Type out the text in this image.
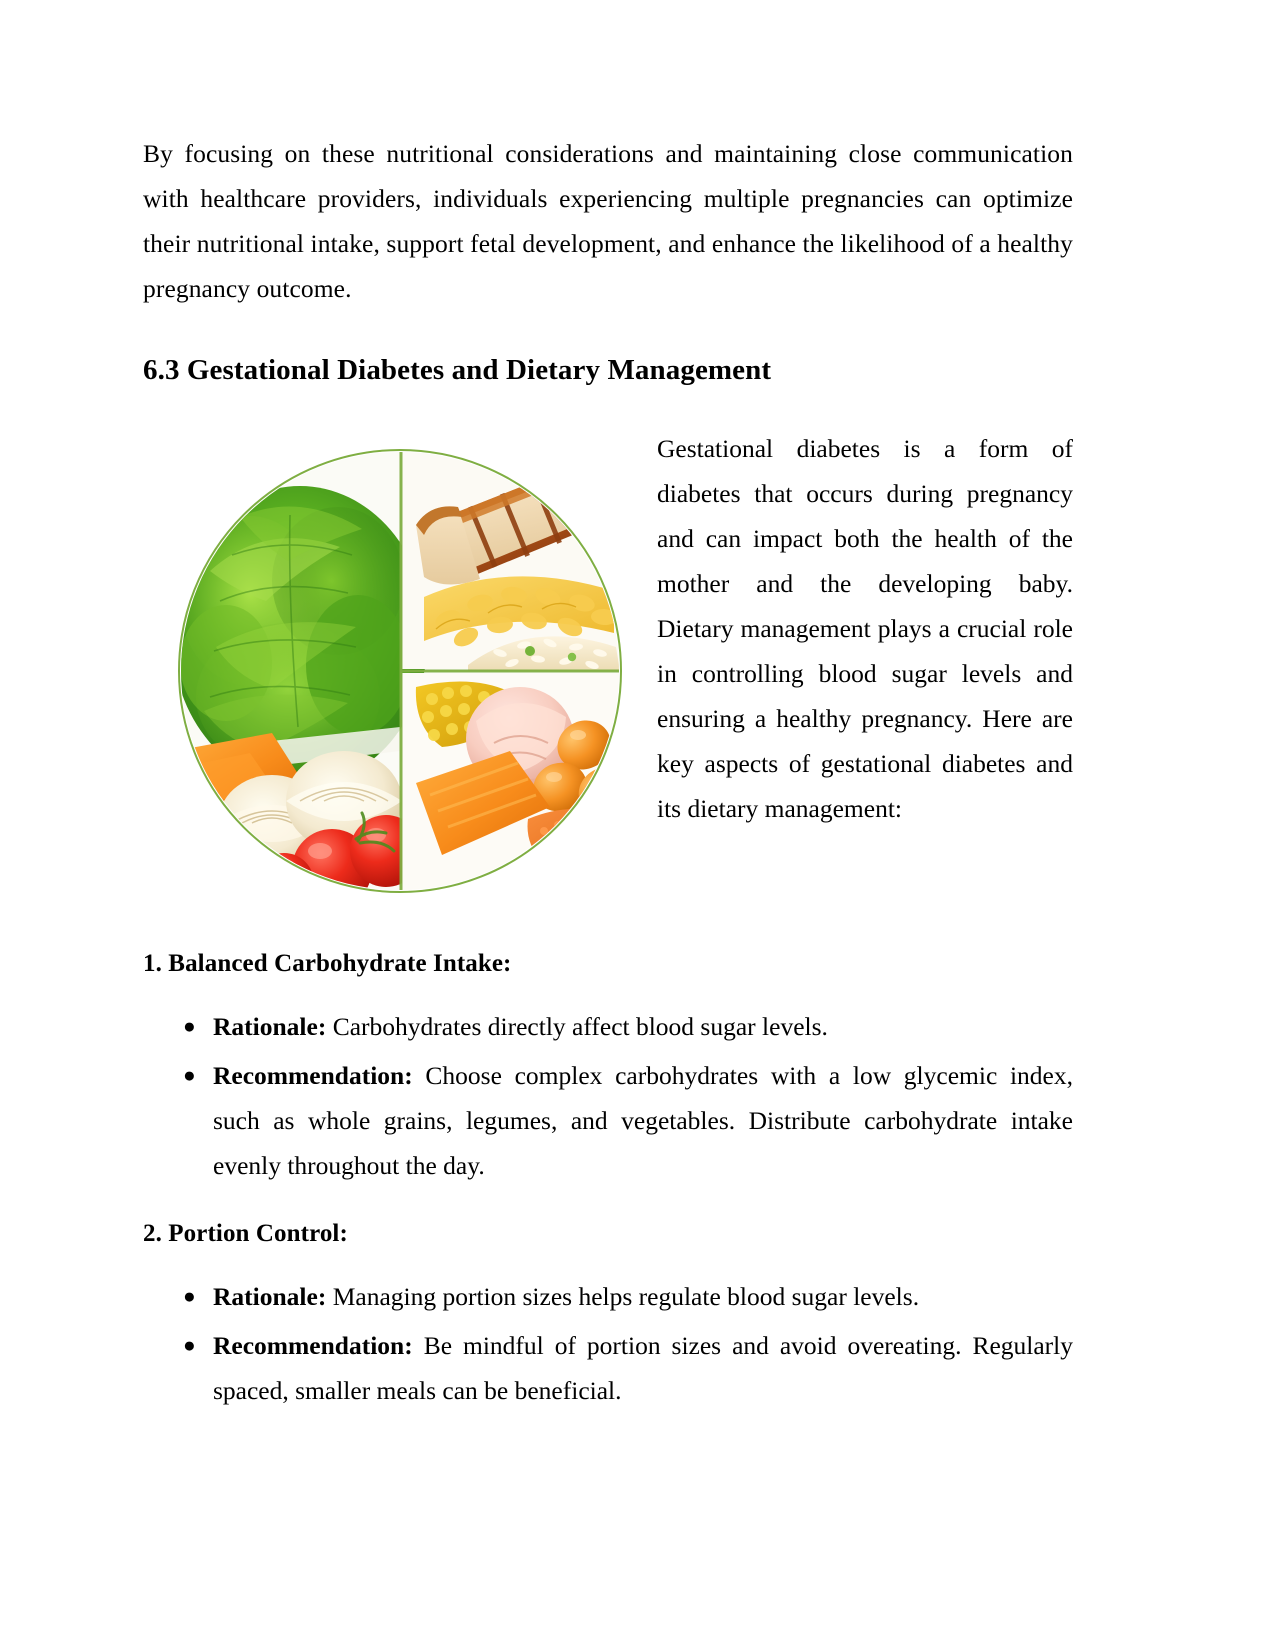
By focusing on these nutritional considerations and maintaining close communication with healthcare providers, individuals experiencing multiple pregnancies can optimize their nutritional intake, support fetal development, and enhance the likelihood of a healthy pregnancy outcome.

6.3 Gestational Diabetes and Dietary Management

Gestational diabetes is a form of diabetes that occurs during pregnancy and can impact both the health of the mother and the developing baby. Dietary management plays a crucial role in controlling blood sugar levels and ensuring a healthy pregnancy. Here are key aspects of gestational diabetes and its dietary management:

1. Balanced Carbohydrate Intake:
● Rationale: Carbohydrates directly affect blood sugar levels.
● Recommendation: Choose complex carbohydrates with a low glycemic index, such as whole grains, legumes, and vegetables. Distribute carbohydrate intake evenly throughout the day.
2. Portion Control:
● Rationale: Managing portion sizes helps regulate blood sugar levels.
● Recommendation: Be mindful of portion sizes and avoid overeating. Regularly spaced, smaller meals can be beneficial.
